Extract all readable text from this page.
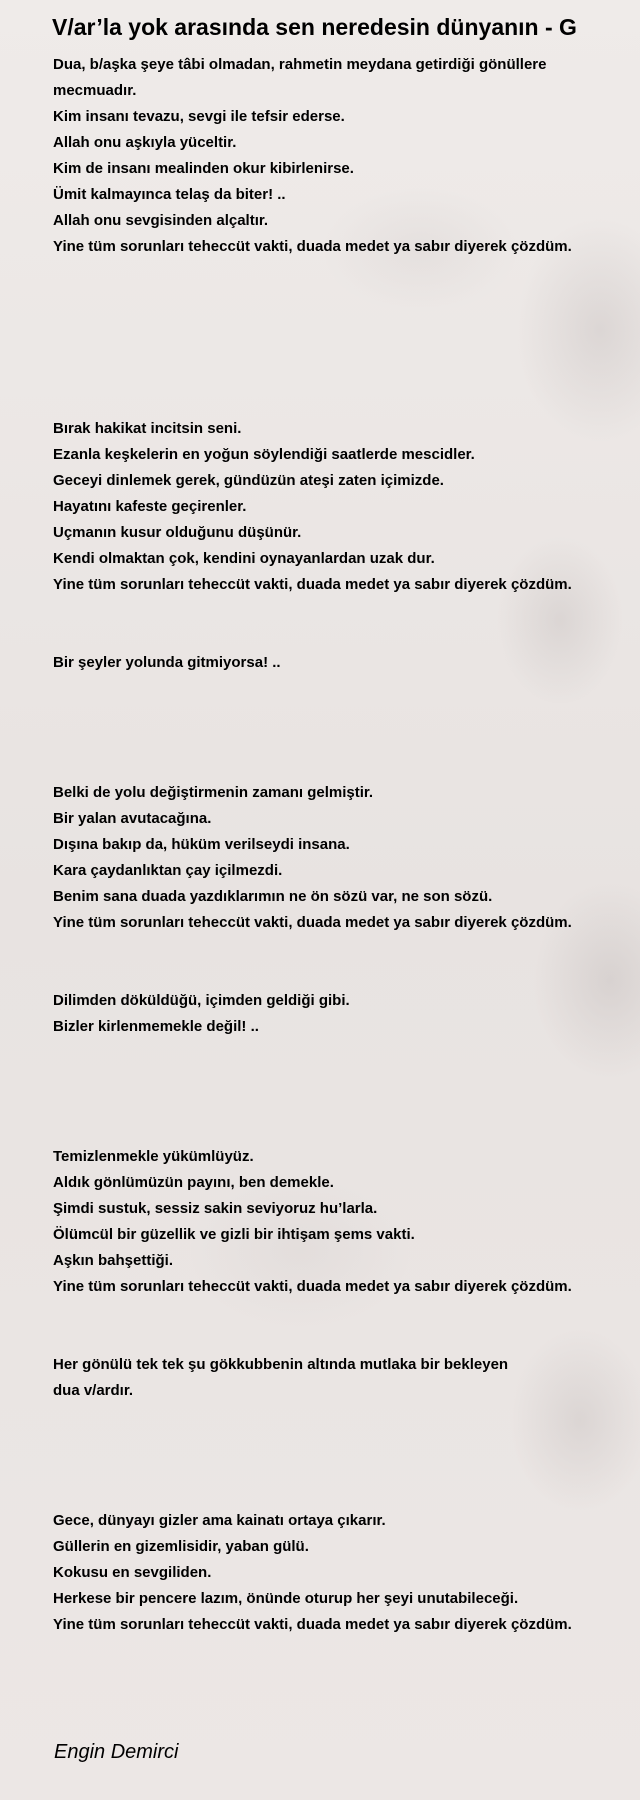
V/ar’la yok arasında sen neredesin dünyanın - G
Dua, b/aşka şeye tâbi olmadan, rahmetin meydana getirdiği gönüllere
mecmuadır.
Kim insanı tevazu, sevgi ile tefsir ederse.
Allah onu aşkıyla yüceltir.
Kim de insanı mealinden okur kibirlenirse.
Ümit kalmayınca telaş da biter! ..
Allah onu sevgisinden alçaltır.
Yine tüm sorunları teheccüt vakti, duada medet ya sabır diyerek çözdüm.
Bırak hakikat incitsin seni.
Ezanla keşkelerin en yoğun söylendiği saatlerde mescidler.
Geceyi dinlemek gerek, gündüzün ateşi zaten içimizde.
Hayatını kafeste geçirenler.
Uçmanın kusur olduğunu düşünür.
Kendi olmaktan çok, kendini oynayanlardan uzak dur.
Yine tüm sorunları teheccüt vakti, duada medet ya sabır diyerek çözdüm.
Bir şeyler yolunda gitmiyorsa! ..
Belki de yolu değiştirmenin zamanı gelmiştir.
Bir yalan avutacağına.
Dışına bakıp da, hüküm verilseydi insana.
Kara çaydanlıktan çay içilmezdi.
Benim sana duada yazdıklarımın ne ön sözü var, ne son sözü.
Yine tüm sorunları teheccüt vakti, duada medet ya sabır diyerek çözdüm.
Dilimden döküldüğü, içimden geldiği gibi.
Bizler kirlenmemekle değil! ..
Temizlenmekle yükümlüyüz.
Aldık gönlümüzün payını, ben demekle.
Şimdi sustuk, sessiz sakin seviyoruz hu’larla.
Ölümcül bir güzellik ve gizli bir ihtişam şems vakti.
Aşkın bahşettiği.
Yine tüm sorunları teheccüt vakti, duada medet ya sabır diyerek çözdüm.
Her gönülü tek tek şu gökkubbenin altında mutlaka bir bekleyen
dua v/ardır.
Gece, dünyayı gizler ama kainatı ortaya çıkarır.
Güllerin en gizemlisidir, yaban gülü.
Kokusu en sevgiliden.
Herkese bir pencere lazım, önünde oturup her şeyi unutabileceği.
Yine tüm sorunları teheccüt vakti, duada medet ya sabır diyerek çözdüm.
Engin Demirci
